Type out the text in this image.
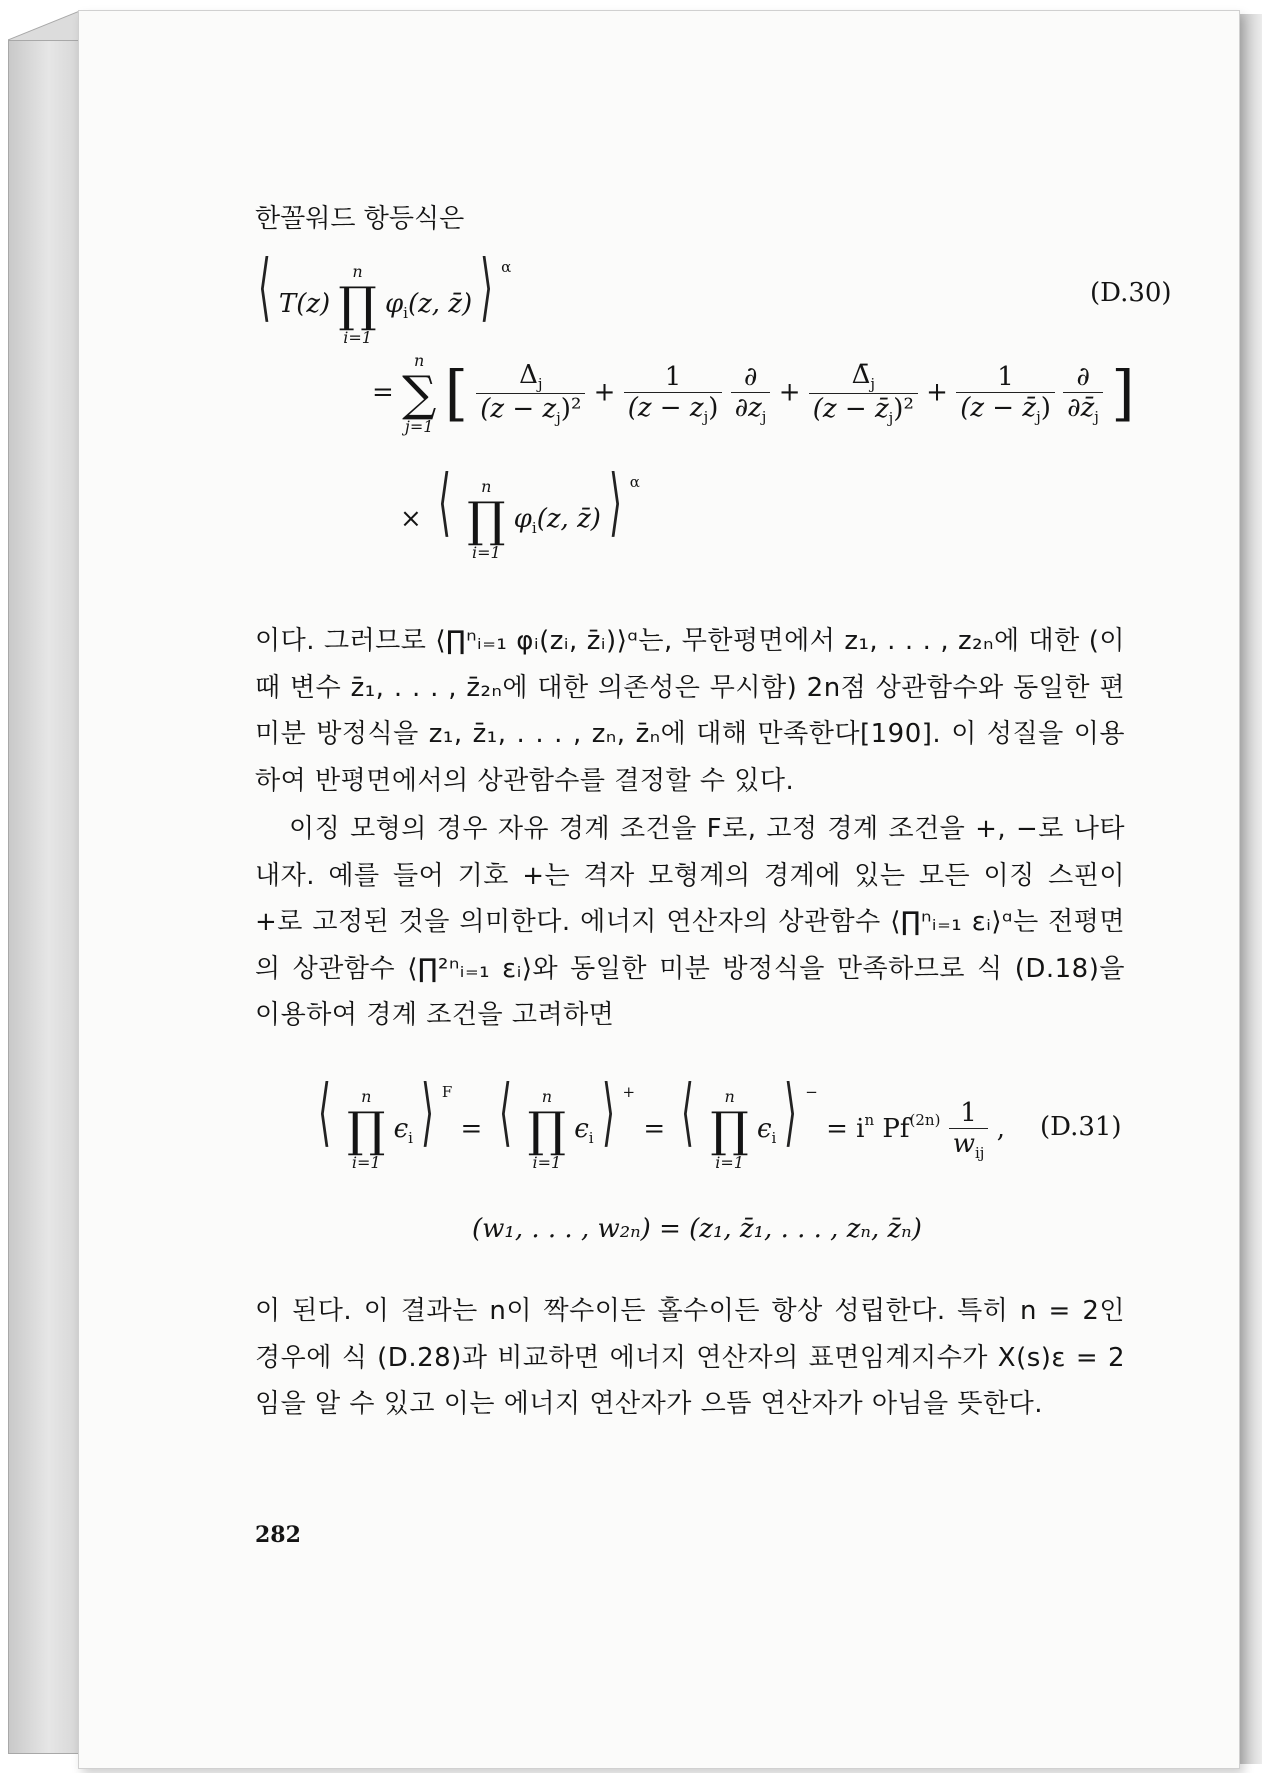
한꼴워드 항등식은
⟨ T(z)
n
∏
i=1
$\varphi_i(z$, z̄) ⟩ $^\alpha$
(D.30)
=
n
∑
j=1 [ $\frac{\Delta_j}{(z - z_j)^2} + \frac{1}{(z - z_j)}$
$\frac{\partial}{\partial z_j} + \frac{\Deltā_j}{(z - z̄_j)^2} + \frac{1}{(z - z̄_j)}$
$\frac{\partial}{\partial z̄_j}$ ]
× ⟨ n
∏
i=1
$\varphi_i(z$, z̄) ⟩ $^\alpha$

이다. 그러므로 ⟨∏ⁿᵢ₌₁ φᵢ(zᵢ, z̄ᵢ)⟩ᵅ는, 무한평면에서 z₁, . . . , z₂ₙ에 대한 (이때 변수 z̄₁, . . . , z̄₂ₙ에 대한 의존성은 무시함) 2n점 상관함수와 동일한 편미분 방정식을 z₁, z̄₁, . . . , zₙ, z̄ₙ에 대해 만족한다[190]. 이 성질을 이용하여 반평면에서의 상관함수를 결정할 수 있다.

이징 모형의 경우 자유 경계 조건을 F로, 고정 경계 조건을 +, −로 나타내자. 예를 들어 기호 +는 격자 모형계의 경계에 있는 모든 이징 스핀이 +로 고정된 것을 의미한다. 에너지 연산자의 상관함수 ⟨∏ⁿᵢ₌₁ εᵢ⟩ᵅ는 전평면의 상관함수 ⟨∏²ⁿᵢ₌₁ εᵢ⟩와 동일한 미분 방정식을 만족하므로 식 (D.18)을 이용하여 경계 조건을 고려하면

⟨ n
∏
i=1
$\epsilon_i$ ⟩ $^F$ = ⟨ n
∏
i=1
$\epsilon_i$ ⟩ + = ⟨ n
∏
i=1
$\epsilon_i$ ⟩ $^- = i^n$ $Pf^{(2n)} \frac{1}{w_{ij}}$ , (D.31)
(w₁, . . . , w₂ₙ) = (z₁, z̄₁, . . . , zₙ, z̄ₙ)

이 된다. 이 결과는 n이 짝수이든 홀수이든 항상 성립한다. 특히 n = 2인 경우에 식 (D.28)과 비교하면 에너지 연산자의 표면임계지수가 X(s)ε = 2임을 알 수 있고 이는 에너지 연산자가 으뜸 연산자가 아님을 뜻한다.

282
